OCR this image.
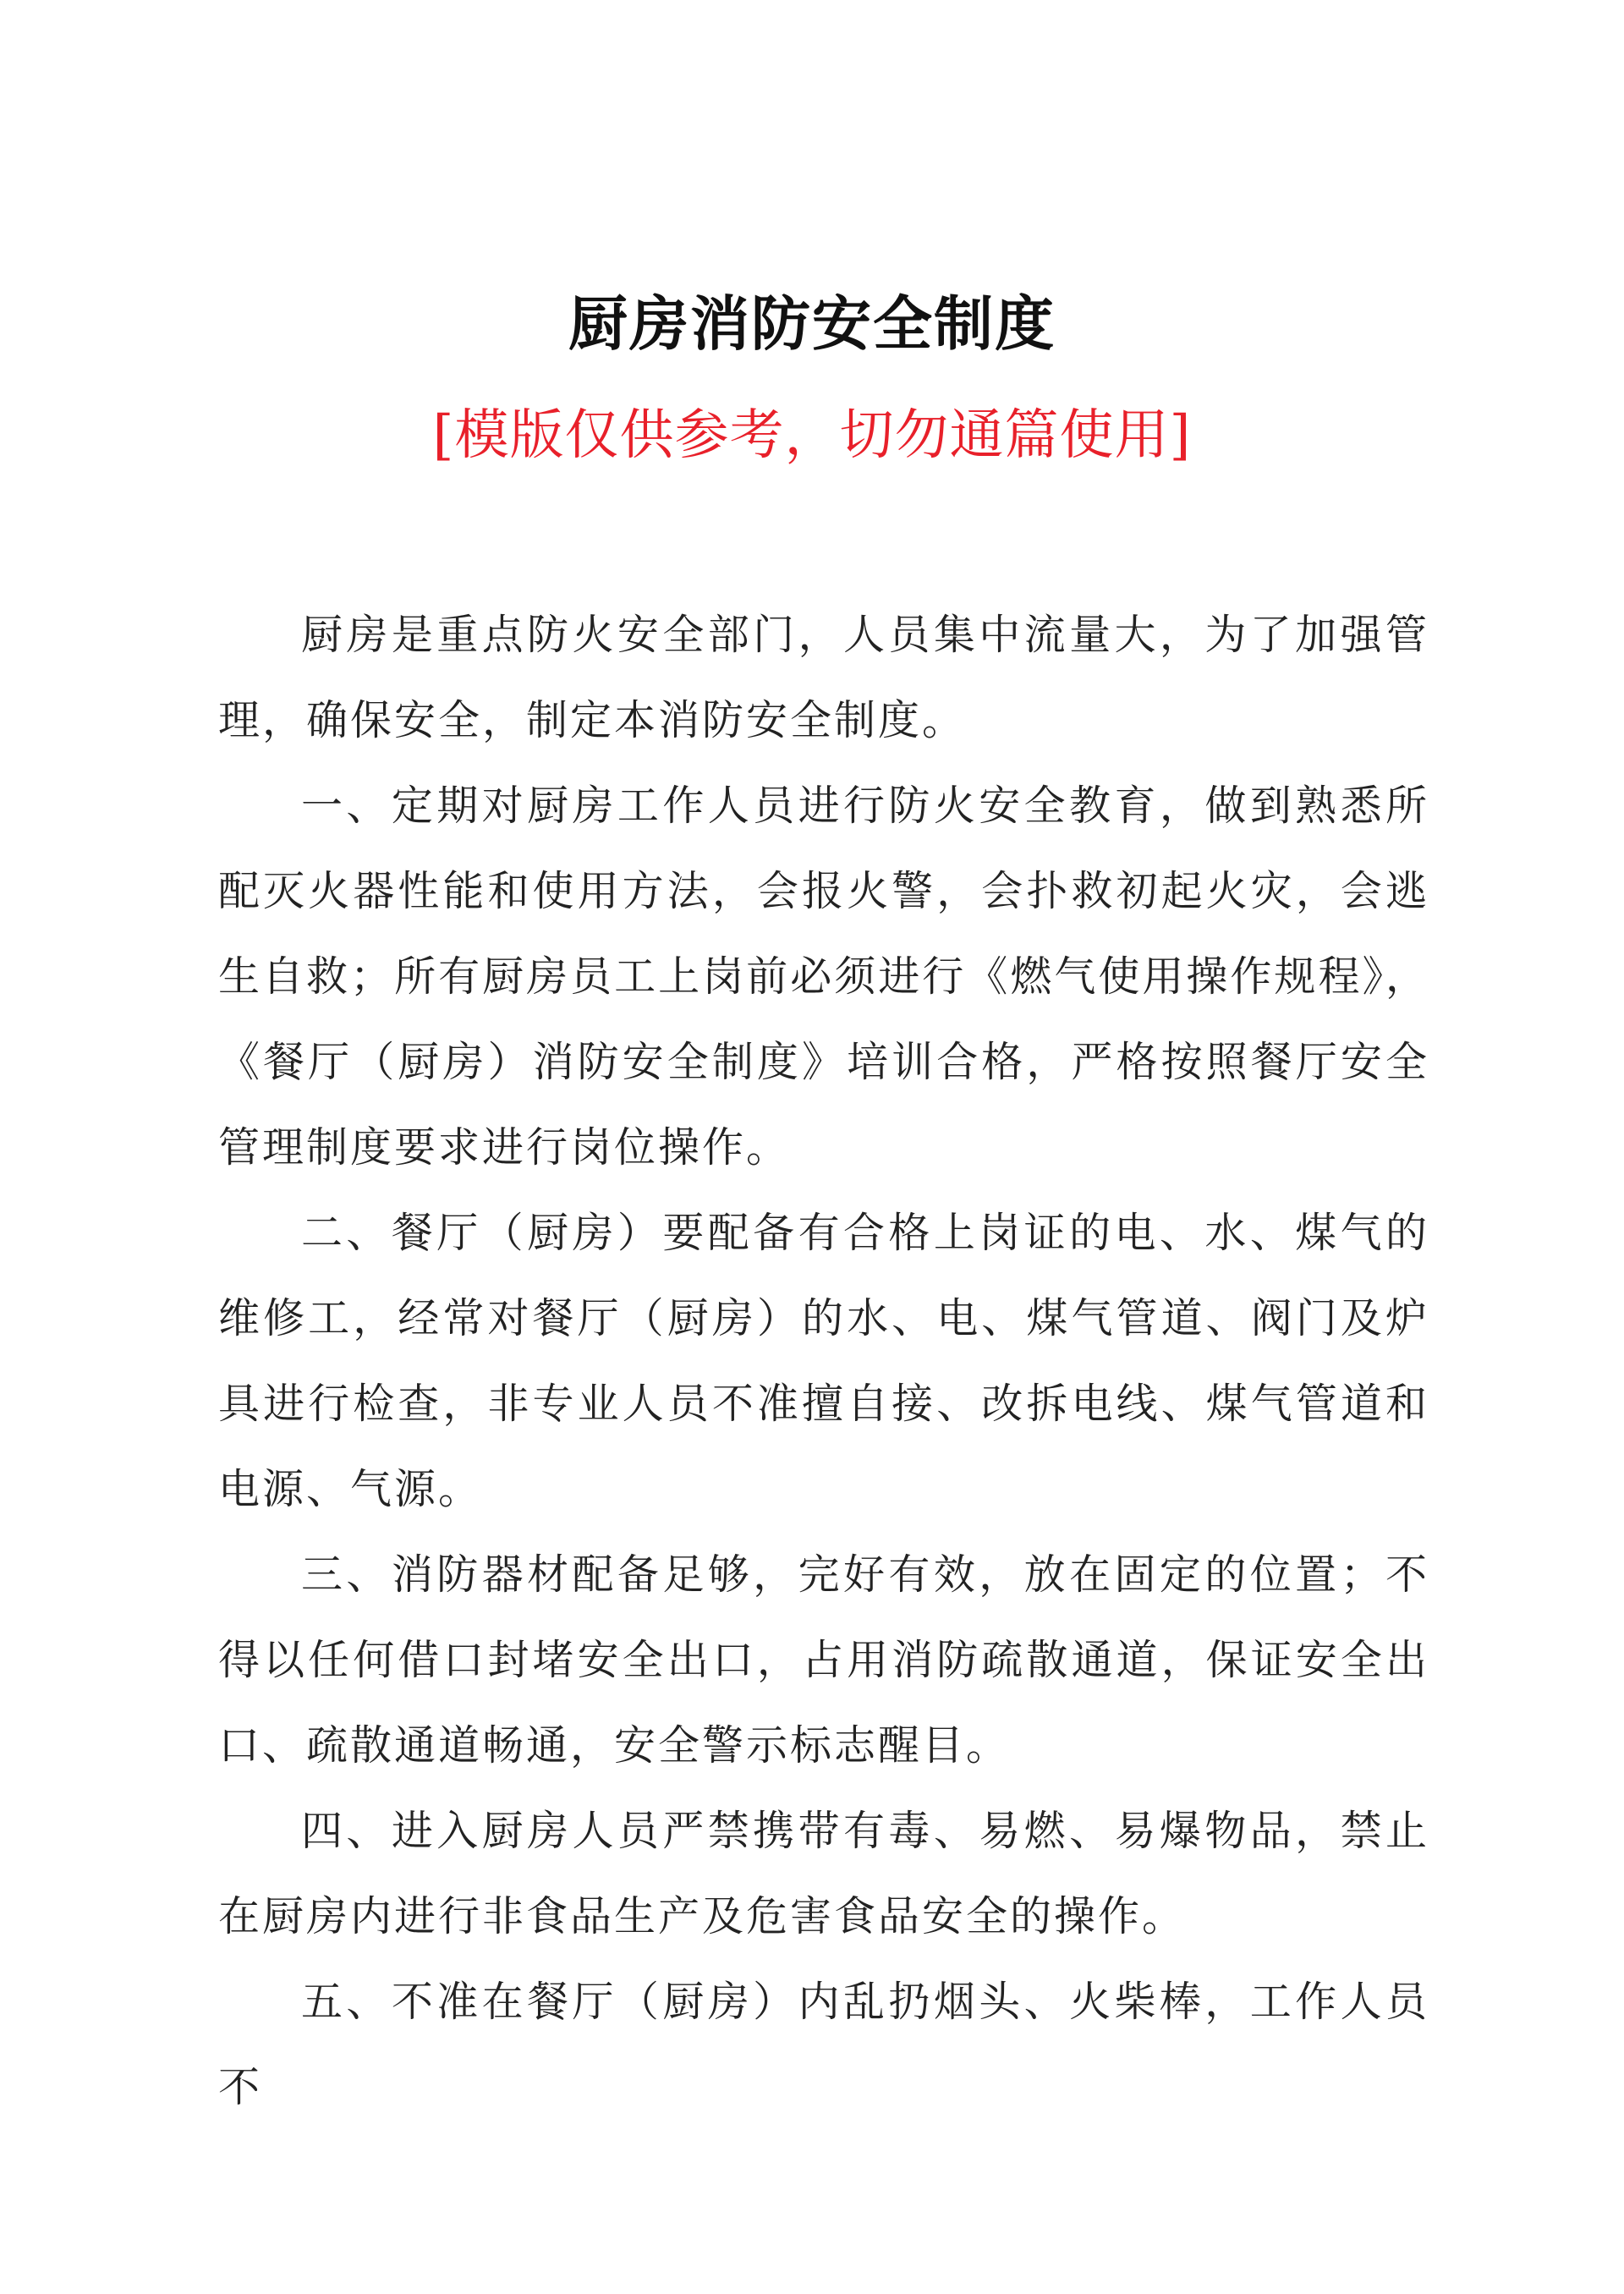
厨房消防安全制度
[模版仅供参考，切勿通篇使用]

厨房是重点防火安全部门，人员集中流量大，为了加强管理，确保安全，制定本消防安全制度。

一、定期对厨房工作人员进行防火安全教育，做到熟悉所配灭火器性能和使用方法，会报火警，会扑救初起火灾，会逃生自救；所有厨房员工上岗前必须进行《燃气使用操作规程》，《餐厅（厨房）消防安全制度》培训合格，严格按照餐厅安全管理制度要求进行岗位操作。

二、餐厅（厨房）要配备有合格上岗证的电、水、煤气的维修工，经常对餐厅（厨房）的水、电、煤气管道、阀门及炉具进行检查，非专业人员不准擅自接、改拆电线、煤气管道和电源、气源。

三、消防器材配备足够，完好有效，放在固定的位置；不得以任何借口封堵安全出口，占用消防疏散通道，保证安全出口、疏散通道畅通，安全警示标志醒目。

四、进入厨房人员严禁携带有毒、易燃、易爆物品，禁止在厨房内进行非食品生产及危害食品安全的操作。

五、不准在餐厅（厨房）内乱扔烟头、火柴棒，工作人员不
